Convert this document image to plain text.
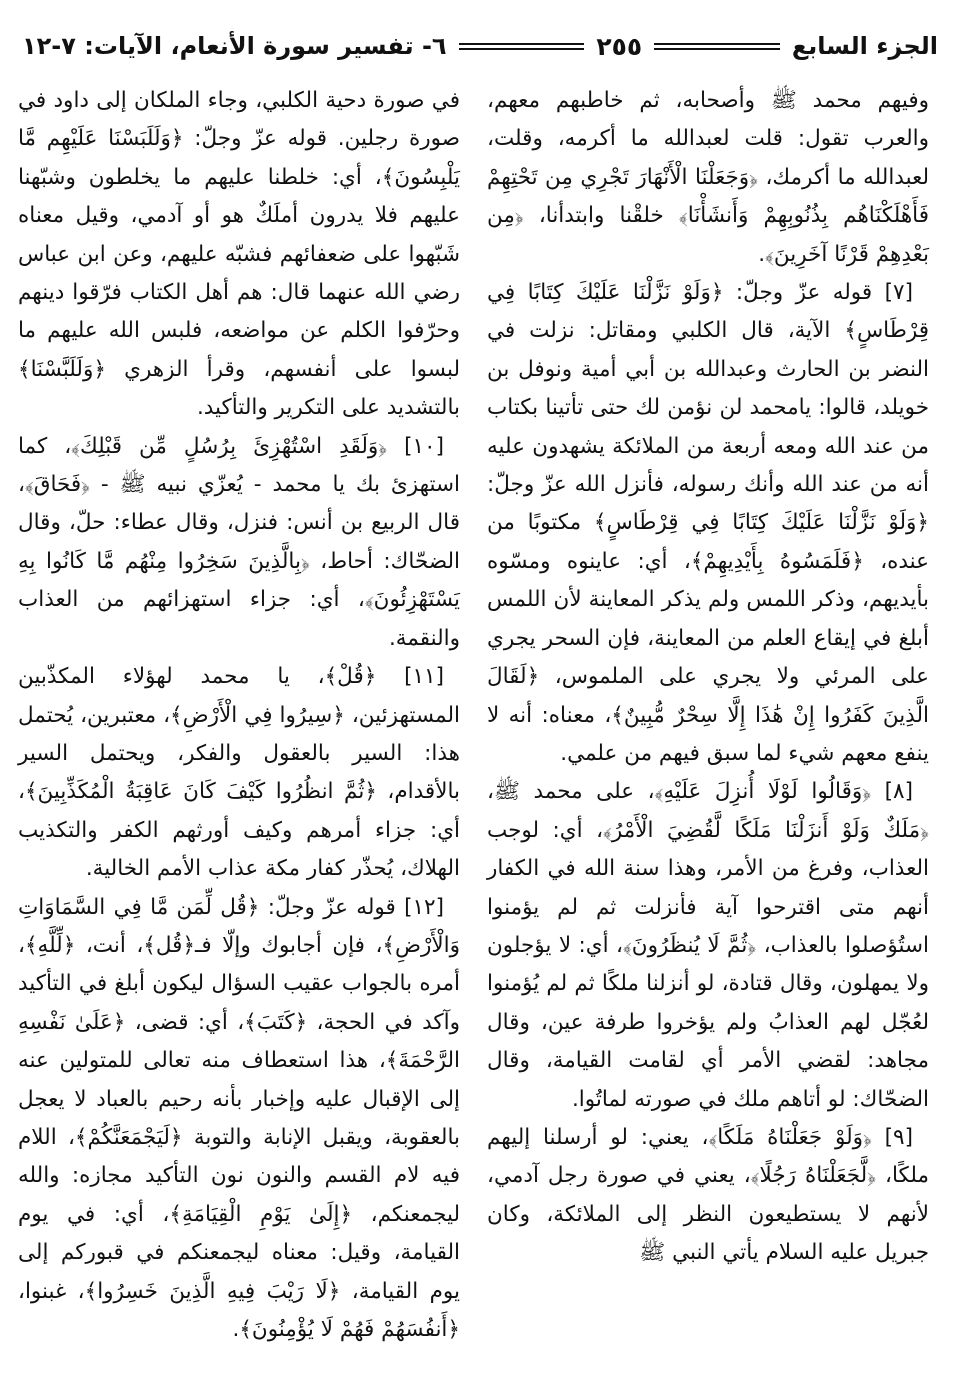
الجزء السابع
٢٥٥
٦- تفسير سورة الأنعام، الآيات: ٧-١٢

وفيهم محمد ﷺ وأصحابه، ثم خاطبهم معهم، والعرب تقول: قلت لعبدالله ما أكرمه، وقلت، لعبدالله ما أكرمك، ﴿وَجَعَلْنَا الْأَنْهَارَ تَجْرِي مِن تَحْتِهِمْ فَأَهْلَكْنَاهُم بِذُنُوبِهِمْ وَأَنشَأْنَا﴾ خلقْنا وابتدأنا، ﴿مِن بَعْدِهِمْ قَرْنًا آخَرِينَ﴾.

[٧] قوله عزّ وجلّ: ﴿وَلَوْ نَزَّلْنَا عَلَيْكَ كِتَابًا فِي قِرْطَاسٍ﴾ الآية، قال الكلبي ومقاتل: نزلت في النضر بن الحارث وعبدالله بن أبي أمية ونوفل بن خويلد، قالوا: يامحمد لن نؤمن لك حتى تأتينا بكتاب من عند الله ومعه أربعة من الملائكة يشهدون عليه أنه من عند الله وأنك رسوله، فأنزل الله عزّ وجلّ: ﴿وَلَوْ نَزَّلْنَا عَلَيْكَ كِتَابًا فِي قِرْطَاسٍ﴾ مكتوبًا من عنده، ﴿فَلَمَسُوهُ بِأَيْدِيهِمْ﴾، أي: عاينوه ومسّوه بأيديهم، وذكر اللمس ولم يذكر المعاينة لأن اللمس أبلغ في إيقاع العلم من المعاينة، فإن السحر يجري على المرئي ولا يجري على الملموس، ﴿لَقَالَ الَّذِينَ كَفَرُوا إِنْ هَٰذَا إِلَّا سِحْرٌ مُّبِينٌ﴾، معناه: أنه لا ينفع معهم شيء لما سبق فيهم من علمي.

[٨] ﴿وَقَالُوا لَوْلَا أُنزِلَ عَلَيْهِ﴾، على محمد ﷺ، ﴿مَلَكٌ وَلَوْ أَنزَلْنَا مَلَكًا لَّقُضِيَ الْأَمْرُ﴾، أي: لوجب العذاب، وفرغ من الأمر، وهذا سنة الله في الكفار أنهم متى اقترحوا آية فأنزلت ثم لم يؤمنوا استُؤصلوا بالعذاب، ﴿ثُمَّ لَا يُنظَرُونَ﴾، أي: لا يؤجلون ولا يمهلون، وقال قتادة، لو أنزلنا ملكًا ثم لم يُؤمنوا لعُجّل لهم العذابُ ولم يؤخروا طرفة عين، وقال مجاهد: لقضي الأمر أي لقامت القيامة، وقال الضحّاك: لو أتاهم ملك في صورته لماتُوا.

[٩] ﴿وَلَوْ جَعَلْنَاهُ مَلَكًا﴾، يعني: لو أرسلنا إليهم ملكًا، ﴿لَّجَعَلْنَاهُ رَجُلًا﴾، يعني في صورة رجل آدمي، لأنهم لا يستطيعون النظر إلى الملائكة، وكان جبريل عليه السلام يأتي النبي ﷺ

في صورة دحية الكلبي، وجاء الملكان إلى داود في صورة رجلين. قوله عزّ وجلّ: ﴿وَلَلَبَسْنَا عَلَيْهِم مَّا يَلْبِسُونَ﴾، أي: خلطنا عليهم ما يخلطون وشبّهنا عليهم فلا يدرون أملَكٌ هو أو آدمي، وقيل معناه شَبّهوا على ضعفائهم فشبّه عليهم، وعن ابن عباس رضي الله عنهما قال: هم أهل الكتاب فرّقوا دينهم وحرّفوا الكلم عن مواضعه، فلبس الله عليهم ما لبسوا على أنفسهم، وقرأ الزهري ﴿وَلَلَبَّسْنَا﴾ بالتشديد على التكرير والتأكيد.

[١٠] ﴿وَلَقَدِ اسْتُهْزِئَ بِرُسُلٍ مِّن قَبْلِكَ﴾، كما استهزئ بك يا محمد - يُعزّي نبيه ﷺ - ﴿فَحَاقَ﴾، قال الربيع بن أنس: فنزل، وقال عطاء: حلّ، وقال الضحّاك: أحاط، ﴿بِالَّذِينَ سَخِرُوا مِنْهُم مَّا كَانُوا بِهِ يَسْتَهْزِئُونَ﴾، أي: جزاء استهزائهم من العذاب والنقمة.

[١١] ﴿قُلْ﴾، يا محمد لهؤلاء المكذّبين المستهزئين، ﴿سِيرُوا فِي الْأَرْضِ﴾، معتبرين، يُحتمل هذا: السير بالعقول والفكر، ويحتمل السير بالأقدام، ﴿ثُمَّ انظُرُوا كَيْفَ كَانَ عَاقِبَةُ الْمُكَذِّبِينَ﴾، أي: جزاء أمرهم وكيف أورثهم الكفر والتكذيب الهلاك، يُحذّر كفار مكة عذاب الأمم الخالية.

[١٢] قوله عزّ وجلّ: ﴿قُل لِّمَن مَّا فِي السَّمَاوَاتِ وَالْأَرْضِ﴾، فإن أجابوك وإلّا فـ﴿قُل﴾، أنت، ﴿لِّلَّهِ﴾، أمره بالجواب عقيب السؤال ليكون أبلغ في التأكيد وآكد في الحجة، ﴿كَتَبَ﴾، أي: قضى، ﴿عَلَىٰ نَفْسِهِ الرَّحْمَةَ﴾، هذا استعطاف منه تعالى للمتولين عنه إلى الإقبال عليه وإخبار بأنه رحيم بالعباد لا يعجل بالعقوبة، ويقبل الإنابة والتوبة ﴿لَيَجْمَعَنَّكُمْ﴾، اللام فيه لام القسم والنون نون التأكيد مجازه: والله ليجمعنكم، ﴿إِلَىٰ يَوْمِ الْقِيَامَةِ﴾، أي: في يوم القيامة، وقيل: معناه ليجمعنكم في قبوركم إلى يوم القيامة، ﴿لَا رَيْبَ فِيهِ الَّذِينَ خَسِرُوا﴾، غبنوا، ﴿أَنفُسَهُمْ فَهُمْ لَا يُؤْمِنُونَ﴾.
